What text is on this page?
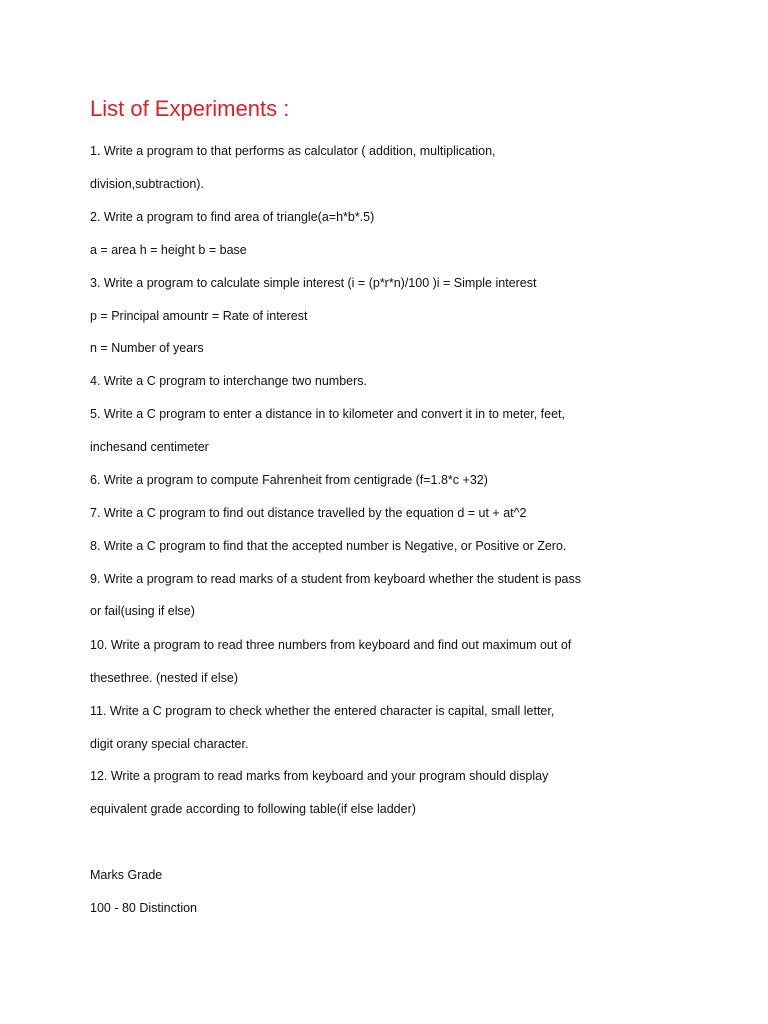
List of Experiments :
1. Write a program to that performs as calculator ( addition, multiplication,
division,subtraction).
2. Write a program to find area of triangle(a=h*b*.5)
a = area h = height b = base
3. Write a program to calculate simple interest (i = (p*r*n)/100 )i = Simple interest
p = Principal amountr = Rate of interest
n = Number of years
4. Write a C program to interchange two numbers.
5. Write a C program to enter a distance in to kilometer and convert it in to meter, feet,
inchesand centimeter
6. Write a program to compute Fahrenheit from centigrade (f=1.8*c +32)
7. Write a C program to find out distance travelled by the equation d = ut + at^2
8. Write a C program to find that the accepted number is Negative, or Positive or Zero.
9. Write a program to read marks of a student from keyboard whether the student is pass
or fail(using if else)
10. Write a program to read three numbers from keyboard and find out maximum out of
thesethree. (nested if else)
11. Write a C program to check whether the entered character is capital, small letter,
digit orany special character.
12. Write a program to read marks from keyboard and your program should display
equivalent grade according to following table(if else ladder)
Marks Grade
100 - 80 Distinction
